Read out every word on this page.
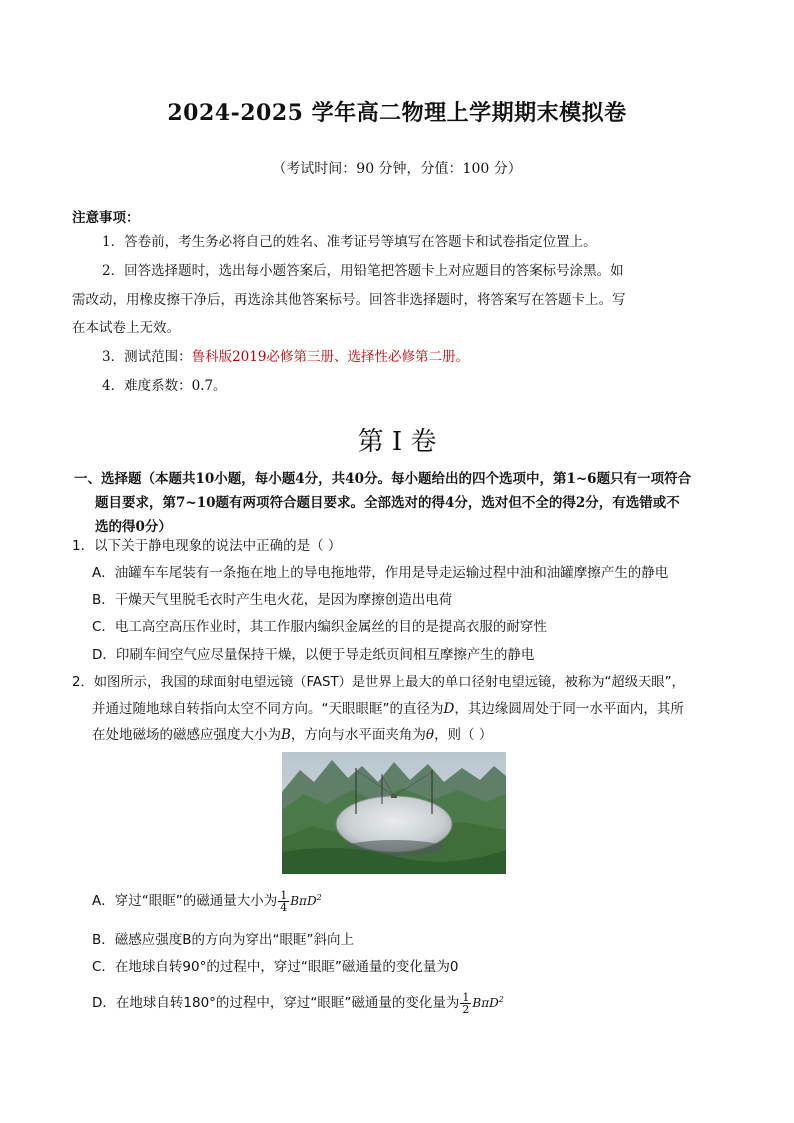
2024-2025 学年高二物理上学期期末模拟卷
（考试时间：90 分钟，分值：100 分）
注意事项：
1．答卷前，考生务必将自己的姓名、准考证号等填写在答题卡和试卷指定位置上。
2．回答选择题时，选出每小题答案后，用铅笔把答题卡上对应题目的答案标号涂黑。如
需改动，用橡皮擦干净后，再选涂其他答案标号。回答非选择题时，将答案写在答题卡上。写
在本试卷上无效。
3．测试范围：鲁科版2019必修第三册、选择性必修第二册。
4．难度系数：0.7。
第 I 卷
一、选择题（本题共10小题，每小题4分，共40分。每小题给出的四个选项中，第1~6题只有一项符合
题目要求，第7~10题有两项符合题目要求。全部选对的得4分，选对但不全的得2分，有选错或不
选的得0分）
1．以下关于静电现象的说法中正确的是（ ）
A．油罐车车尾装有一条拖在地上的导电拖地带，作用是导走运输过程中油和油罐摩擦产生的静电
B．干燥天气里脱毛衣时产生电火花，是因为摩擦创造出电荷
C．电工高空高压作业时，其工作服内编织金属丝的目的是提高衣服的耐穿性
D．印刷车间空气应尽量保持干燥，以便于导走纸页间相互摩擦产生的静电
2．如图所示，我国的球面射电望远镜（FAST）是世界上最大的单口径射电望远镜，被称为“超级天眼”，
并通过随地球自转指向太空不同方向。“天眼眼眶”的直径为D，其边缘圆周处于同一水平面内，其所
在处地磁场的磁感应强度大小为B，方向与水平面夹角为θ，则（ ）
A．穿过“眼眶”的磁通量大小为 $\frac{1}{4} B\pi D^2$
B．磁感应强度B的方向为穿出“眼眶”斜向上
C．在地球自转90°的过程中，穿过“眼眶”磁通量的变化量为0
D．在地球自转180°的过程中，穿过“眼眶”磁通量的变化量为 $\frac{1}{2} B\pi D^2$
